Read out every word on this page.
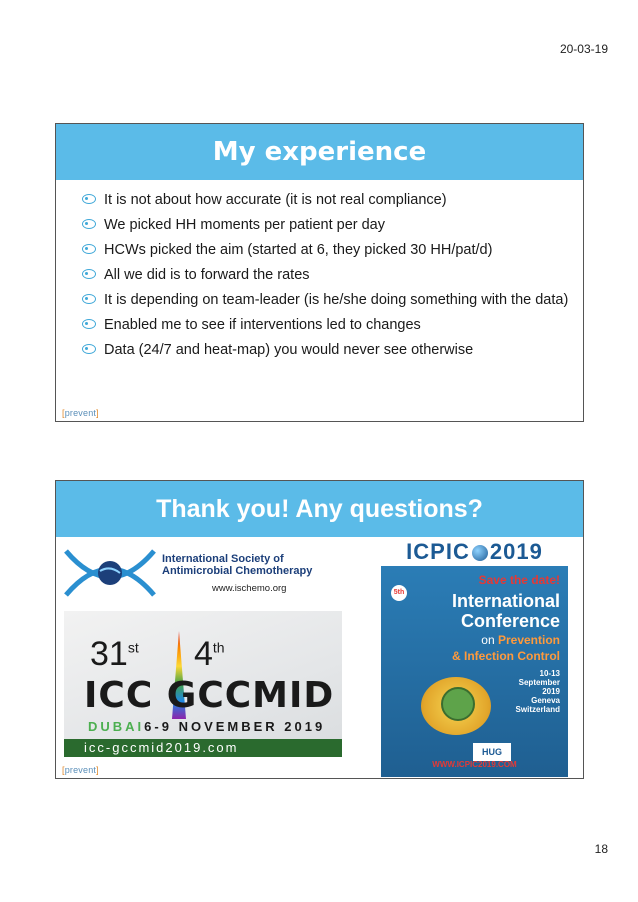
20-03-19
My experience
It is not about how accurate (it is not real compliance)
We picked HH moments per patient per day
HCWs picked the aim (started at 6, they picked 30 HH/pat/d)
All we did is to forward the rates
It is depending on team-leader (is he/she doing something with the data)
Enabled me to see if interventions led to changes
Data (24/7 and heat-map) you would never see otherwise
[prevent]
Thank you! Any questions?
International Society of
Antimicrobial Chemotherapy
www.ischemo.org
31st 4th
ICC GCCMID
DUBAI6-9 NOVEMBER 2019
icc-gccmid2019.com
ICPIC 2019
5th
Save the date!
International
Conference
on Prevention
& Infection Control
10-13
September
2019
Geneva
Switzerland
HUG
WWW.ICPIC2019.COM
[prevent]
18
